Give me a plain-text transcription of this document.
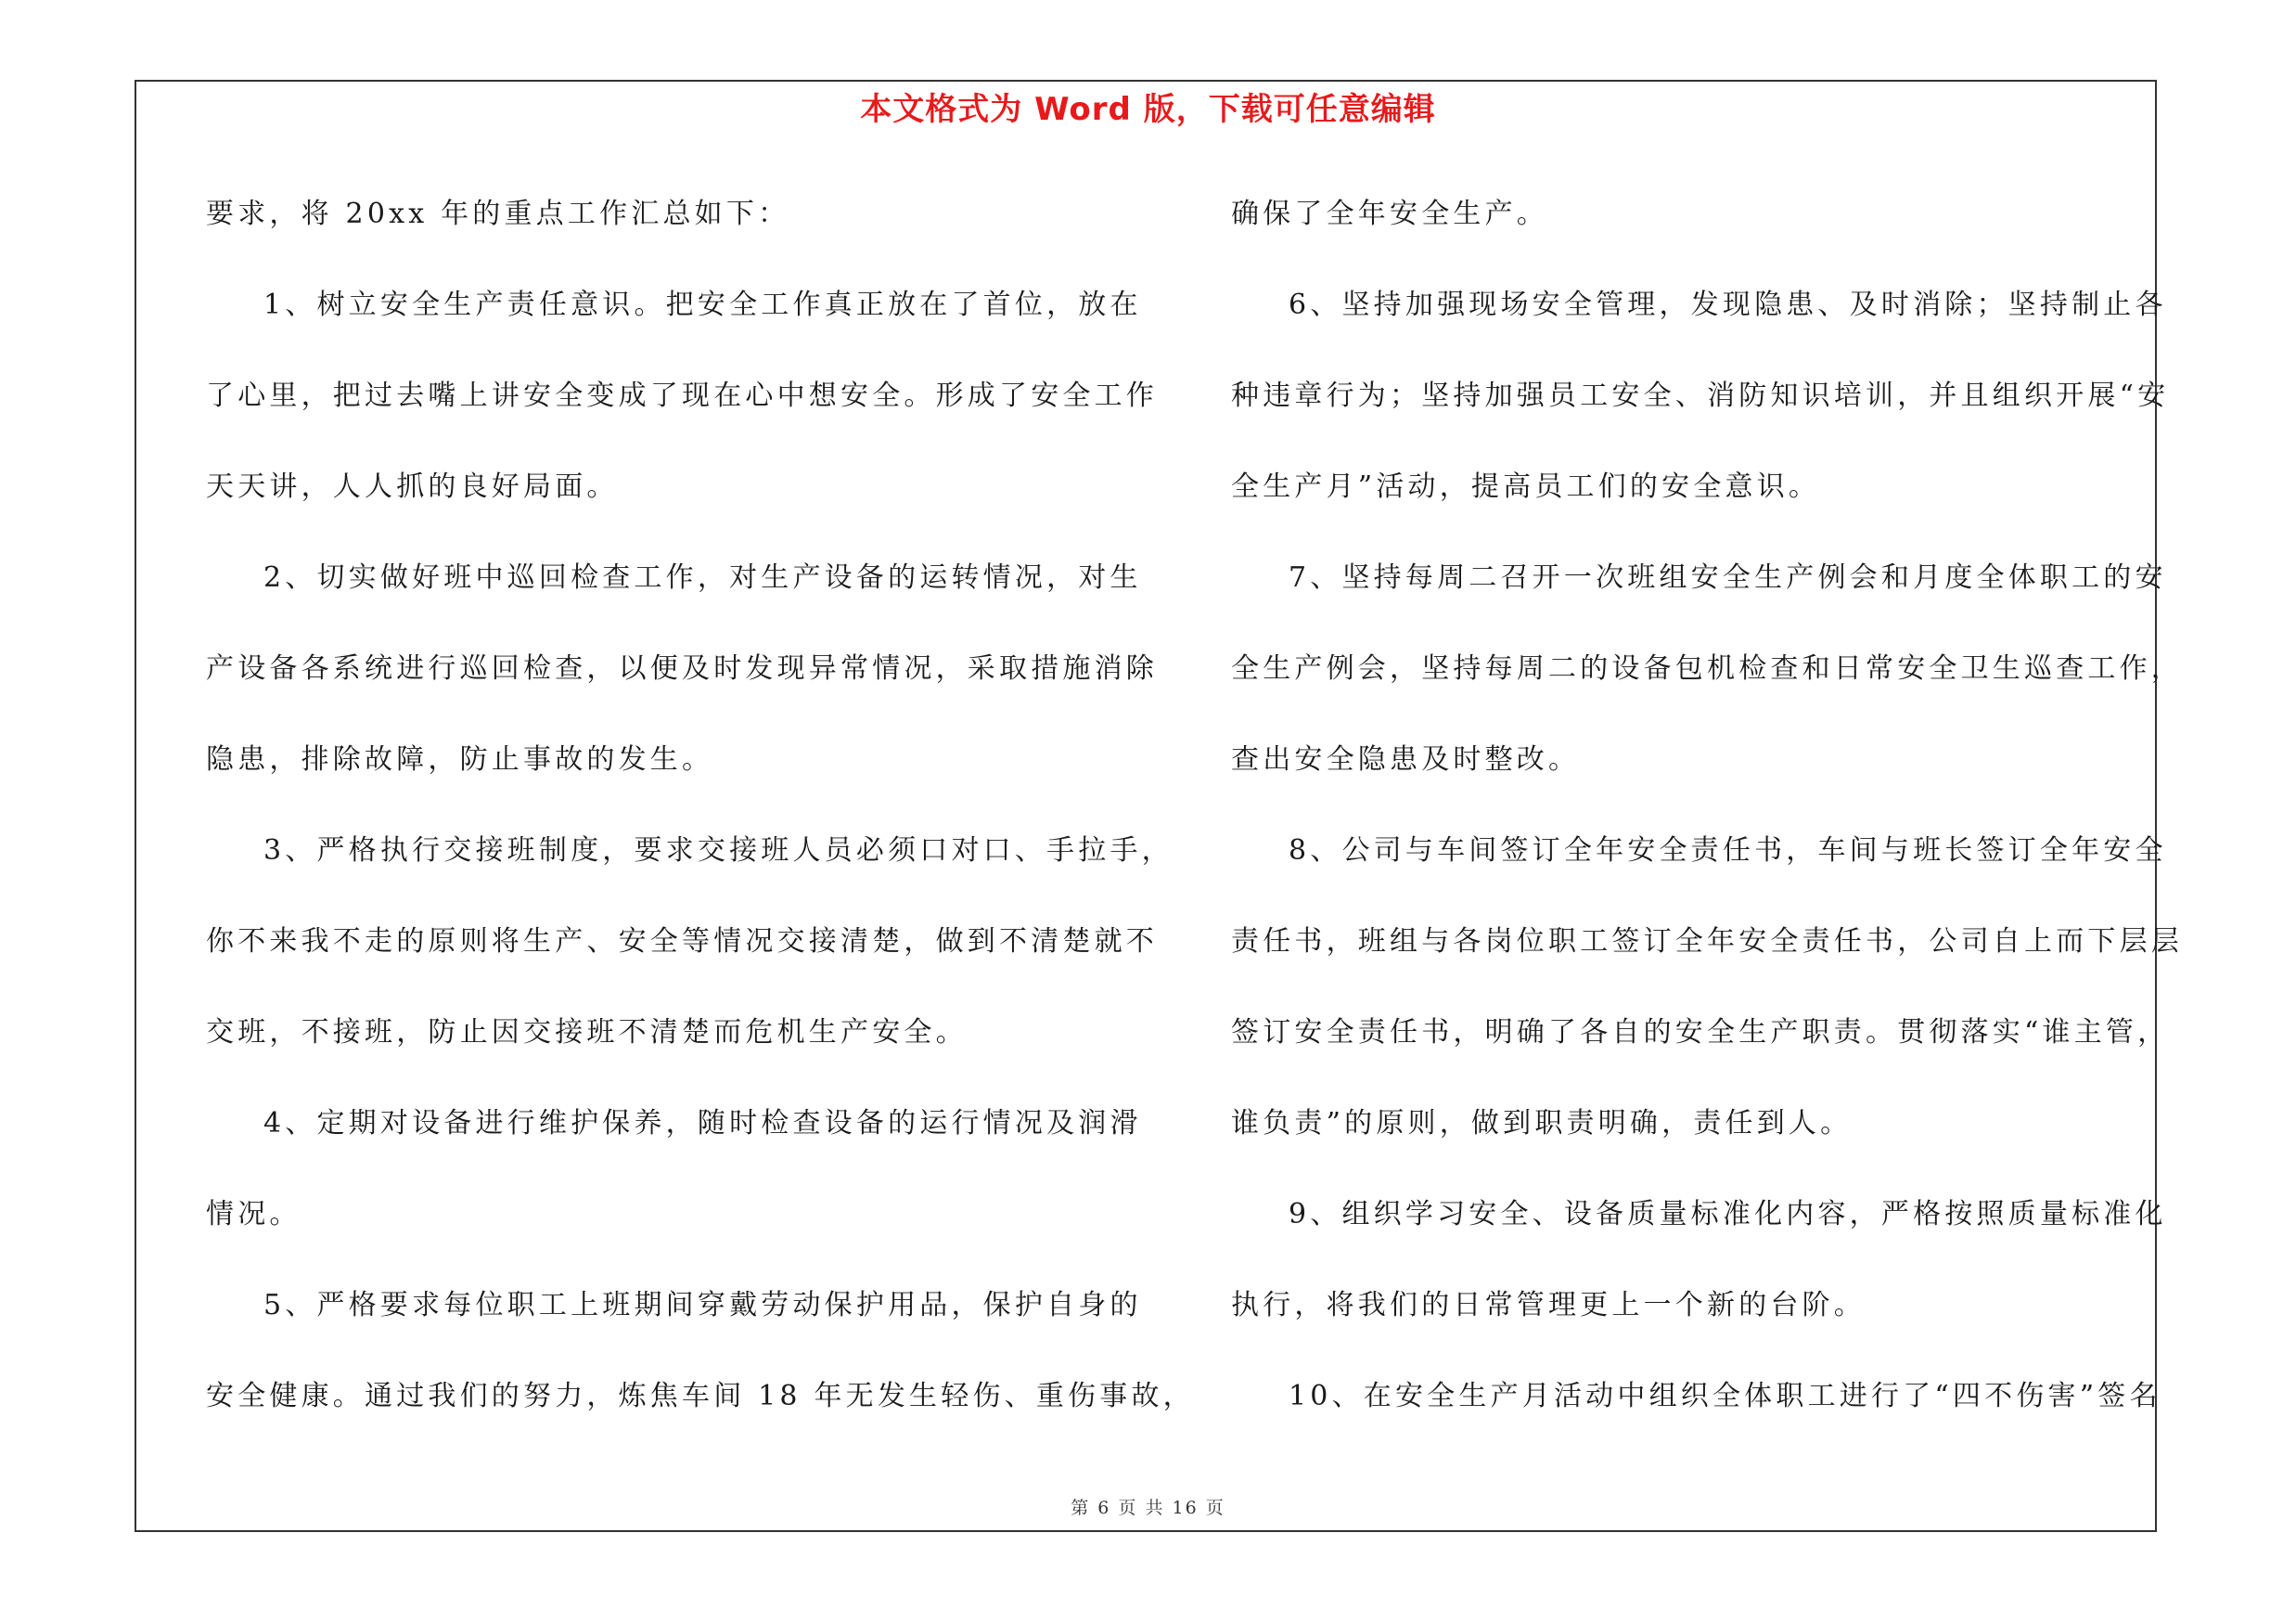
本文格式为 Word 版，下载可任意编辑
要求，将 20xx 年的重点工作汇总如下：
1、树立安全生产责任意识。把安全工作真正放在了首位，放在
了心里，把过去嘴上讲安全变成了现在心中想安全。形成了安全工作
天天讲，人人抓的良好局面。
2、切实做好班中巡回检查工作，对生产设备的运转情况，对生
产设备各系统进行巡回检查，以便及时发现异常情况，采取措施消除
隐患，排除故障，防止事故的发生。
3、严格执行交接班制度，要求交接班人员必须口对口、手拉手，
你不来我不走的原则将生产、安全等情况交接清楚，做到不清楚就不
交班，不接班，防止因交接班不清楚而危机生产安全。
4、定期对设备进行维护保养，随时检查设备的运行情况及润滑
情况。
5、严格要求每位职工上班期间穿戴劳动保护用品，保护自身的
安全健康。通过我们的努力，炼焦车间 18 年无发生轻伤、重伤事故，
确保了全年安全生产。
6、坚持加强现场安全管理，发现隐患、及时消除；坚持制止各
种违章行为；坚持加强员工安全、消防知识培训，并且组织开展“安
全生产月”活动，提高员工们的安全意识。
7、坚持每周二召开一次班组安全生产例会和月度全体职工的安
全生产例会，坚持每周二的设备包机检查和日常安全卫生巡查工作，
查出安全隐患及时整改。
8、公司与车间签订全年安全责任书，车间与班长签订全年安全
责任书，班组与各岗位职工签订全年安全责任书，公司自上而下层层
签订安全责任书，明确了各自的安全生产职责。贯彻落实“谁主管，
谁负责”的原则，做到职责明确，责任到人。
9、组织学习安全、设备质量标准化内容，严格按照质量标准化
执行，将我们的日常管理更上一个新的台阶。
10、在安全生产月活动中组织全体职工进行了“四不伤害”签名
第 6 页 共 16 页
